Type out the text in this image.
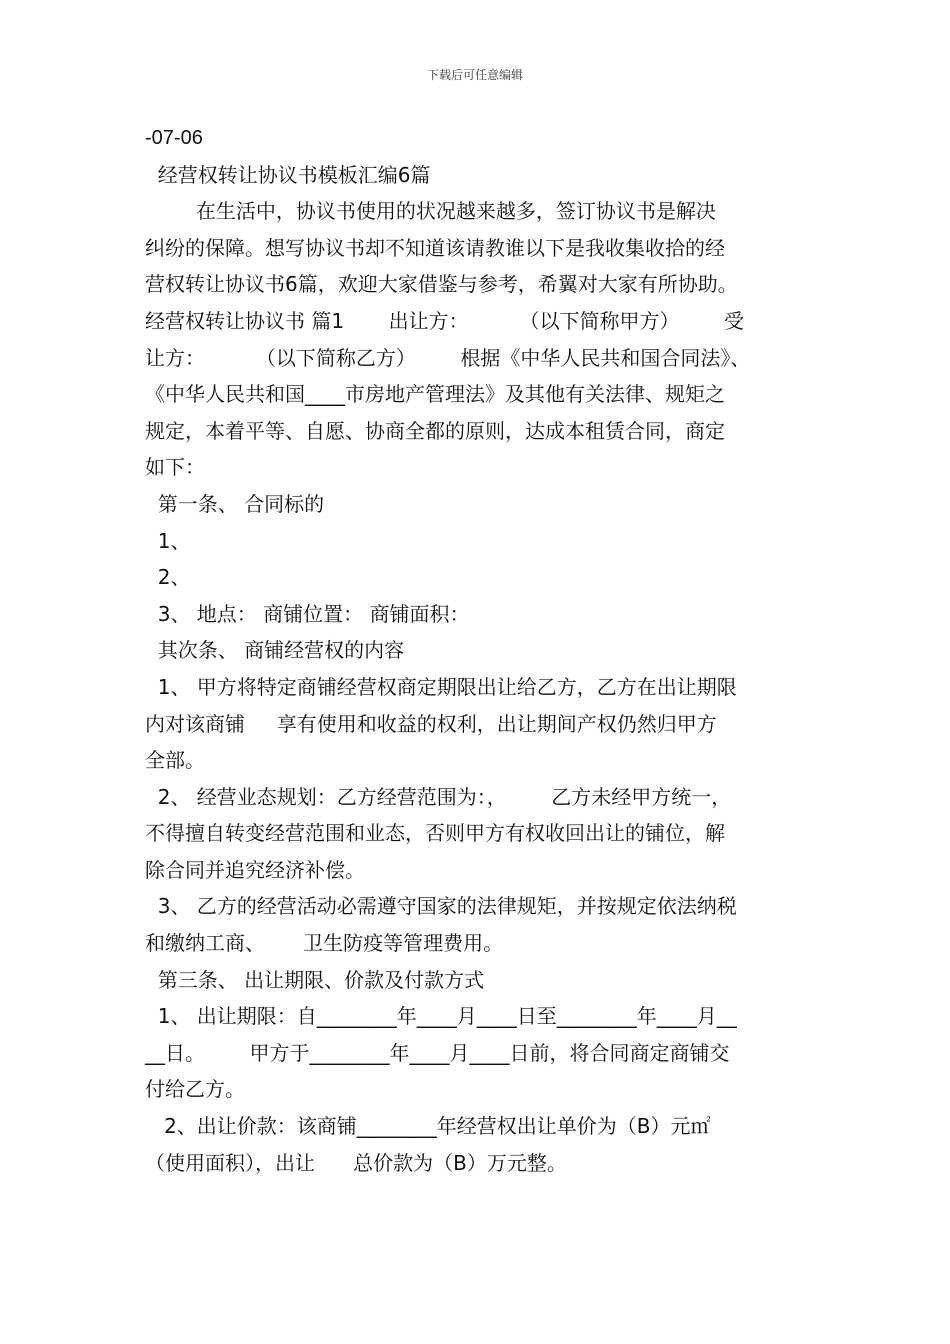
下载后可任意编辑
-07-06
经营权转让协议书模板汇编6篇
在生活中，协议书使用的状况越来越多，签订协议书是解决
纠纷的保障。想写协议书却不知道该请教谁以下是我收集收拾的经
营权转让协议书6篇，欢迎大家借鉴与参考，希翼对大家有所协助。
经营权转让协议书 篇1       出让方：        （以下简称甲方）       受
让方：        （以下简称乙方）       根据《中华人民共和国合同法》、
《中华人民共和国____市房地产管理法》及其他有关法律、规矩之
规定，本着平等、自愿、协商全都的原则，达成本租赁合同，商定
如下：
第一条、 合同标的
1、
2、
3、 地点： 商铺位置： 商铺面积：
其次条、 商铺经营权的内容
1、 甲方将特定商铺经营权商定期限出让给乙方，乙方在出让期限
内对该商铺     享有使用和收益的权利，出让期间产权仍然归甲方
全部。
2、 经营业态规划：乙方经营范围为：，       乙方未经甲方统一，
不得擅自转变经营范围和业态，否则甲方有权收回出让的铺位，解
除合同并追究经济补偿。
3、 乙方的经营活动必需遵守国家的法律规矩，并按规定依法纳税
和缴纳工商、      卫生防疫等管理费用。
第三条、 出让期限、价款及付款方式
1、 出让期限：自________年____月____日至________年____月__
__日。       甲方于________年____月____日前，将合同商定商铺交
付给乙方。
2、出让价款：该商铺________年经营权出让单价为（B）元㎡
（使用面积），出让      总价款为（B）万元整。
